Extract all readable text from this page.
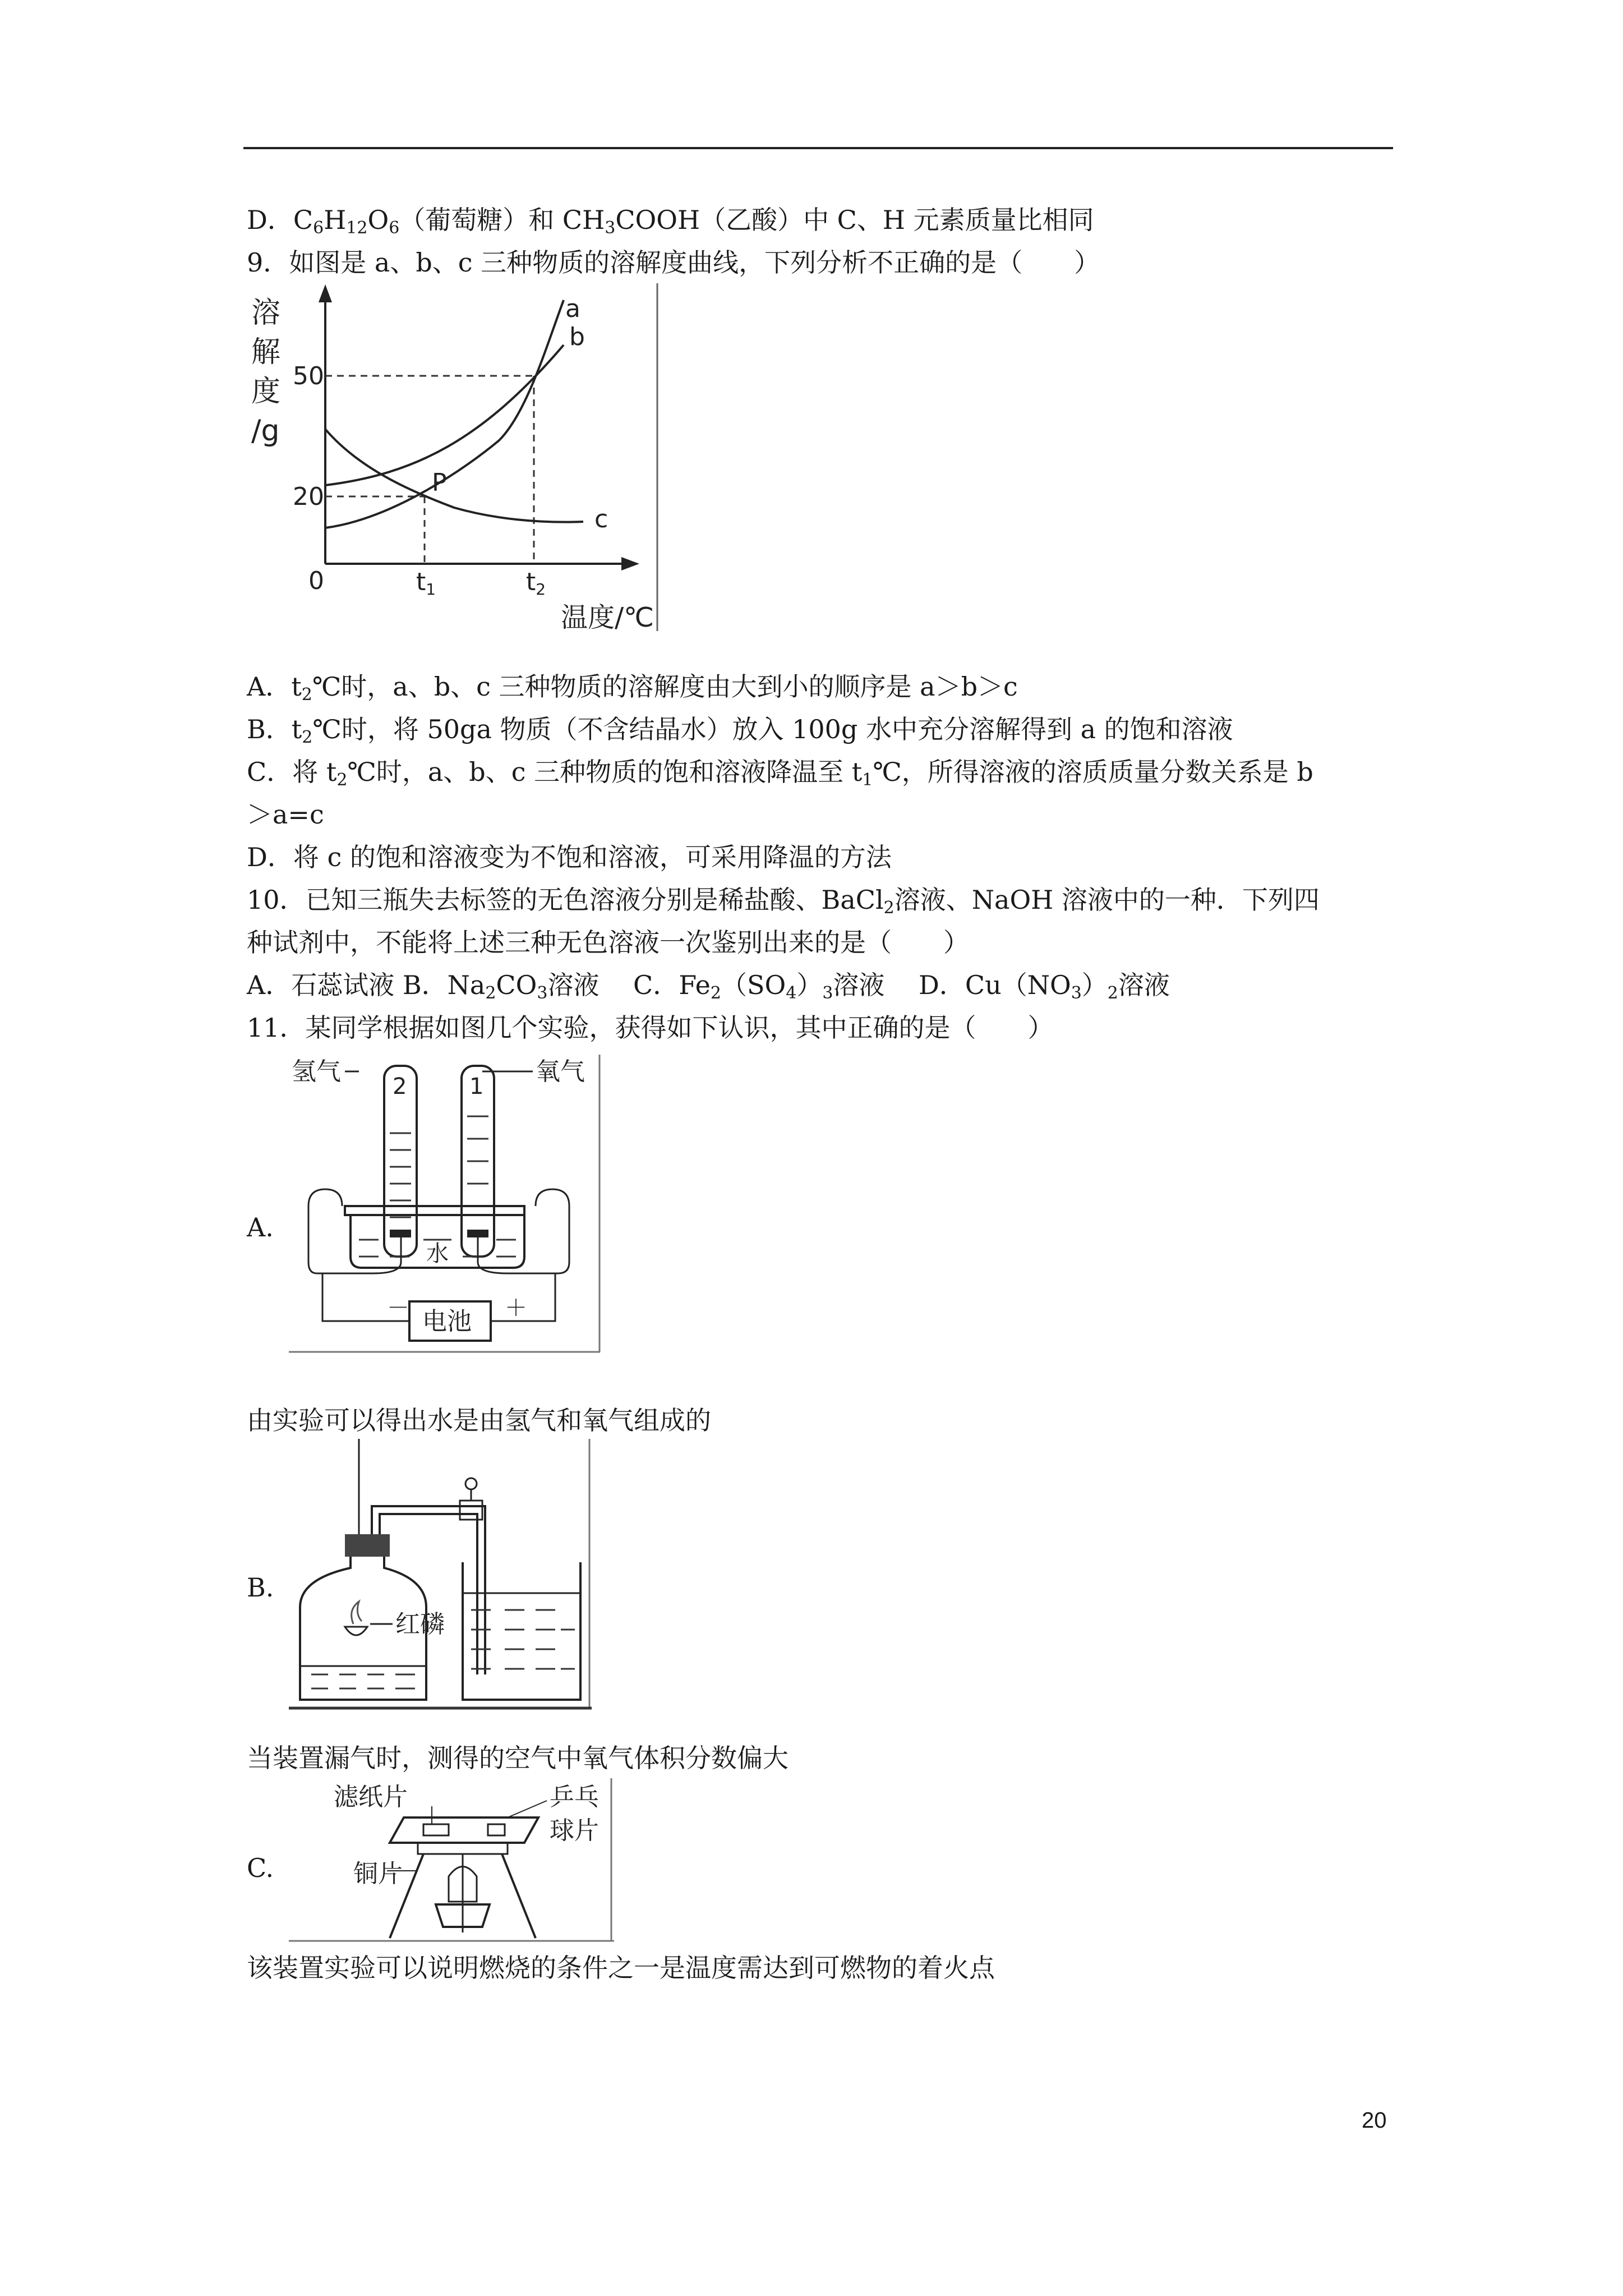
D．$C_6H_{12}O_6$（葡萄糖）和 $CH_3COOH$（乙酸）中 C、H 元素质量比相同
9．如图是 a、b、c 三种物质的溶解度曲线，下列分析不正确的是（　　）
溶
解
度
/g
50
20
0	t1	t2
a
b
c
P
温度/℃
A．$t_2℃$时，a、b、c 三种物质的溶解度由大到小的顺序是 a＞b＞c
B．$t_2℃$时，将 50ga 物质（不含结晶水）放入 100g 水中充分溶解得到 a 的饱和溶液
C．将 $t_2℃$时，a、b、c 三种物质的饱和溶液降温至 $t_1℃$，所得溶液的溶质质量分数关系是 b
＞a=c
D．将 c 的饱和溶液变为不饱和溶液，可采用降温的方法
10．已知三瓶失去标签的无色溶液分别是稀盐酸、BaCl$_2$溶液、NaOH 溶液中的一种．下列四
种试剂中，不能将上述三种无色溶液一次鉴别出来的是（　　）
A．石蕊试液 B．$Na_2CO_3$溶液　 C．$Fe_2(SO_4)_3$溶液　 D．$Cu(NO_3)_2$溶液
11．某同学根据如图几个实验，获得如下认识，其中正确的是（　　）
A.
氢气	氧气
2	1
水
电池
－	＋
由实验可以得出水是由氢气和氧气组成的
B.
红磷
当装置漏气时，测得的空气中氧气体积分数偏大
C.
滤纸片	乒乓
球片
铜片
该装置实验可以说明燃烧的条件之一是温度需达到可燃物的着火点
20
